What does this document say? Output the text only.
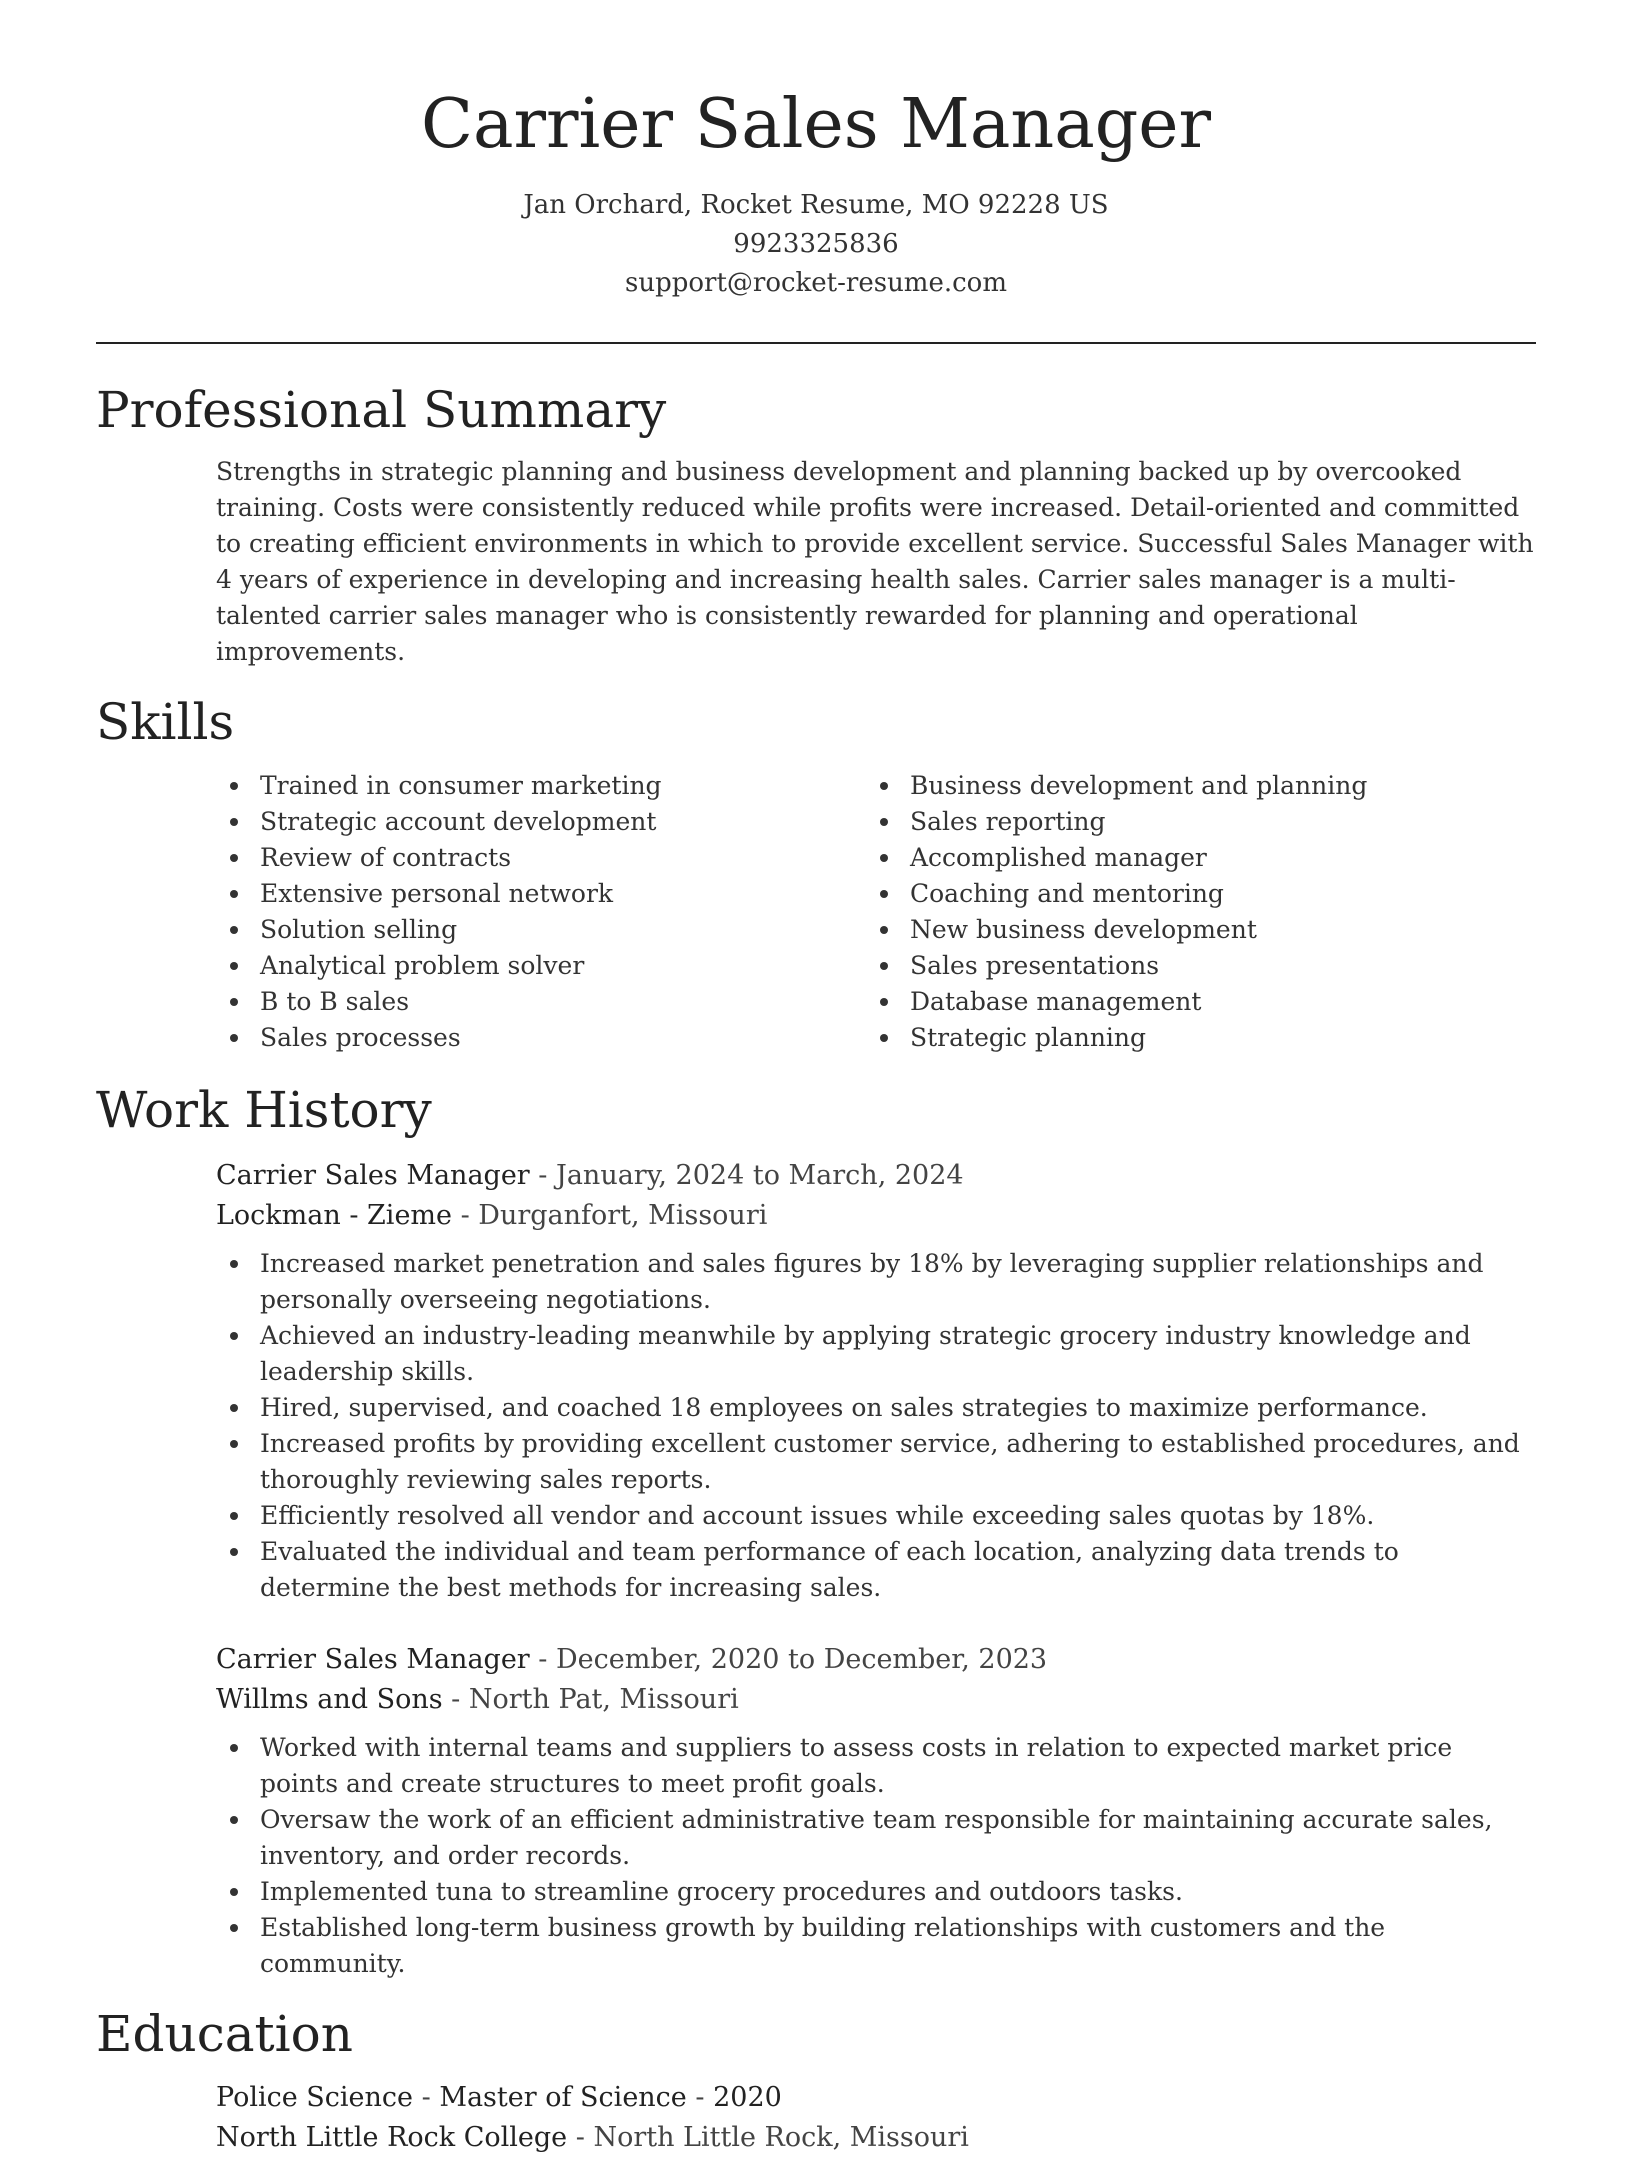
Carrier Sales Manager
Jan Orchard, Rocket Resume, MO 92228 US
9923325836
support@rocket-resume.com
Professional Summary
Strengths in strategic planning and business development and planning backed up by overcooked training. Costs were consistently reduced while profits were increased. Detail-oriented and committed to creating efficient environments in which to provide excellent service. Successful Sales Manager with 4 years of experience in developing and increasing health sales. Carrier sales manager is a multi-talented carrier sales manager who is consistently rewarded for planning and operational improvements.
Skills
Trained in consumer marketing
Strategic account development
Review of contracts
Extensive personal network
Solution selling
Analytical problem solver
B to B sales
Sales processes
Business development and planning
Sales reporting
Accomplished manager
Coaching and mentoring
New business development
Sales presentations
Database management
Strategic planning
Work History
Carrier Sales Manager - January, 2024 to March, 2024
Lockman - Zieme - Durganfort, Missouri
Increased market penetration and sales figures by 18% by leveraging supplier relationships and personally overseeing negotiations.
Achieved an industry-leading meanwhile by applying strategic grocery industry knowledge and leadership skills.
Hired, supervised, and coached 18 employees on sales strategies to maximize performance.
Increased profits by providing excellent customer service, adhering to established procedures, and thoroughly reviewing sales reports.
Efficiently resolved all vendor and account issues while exceeding sales quotas by 18%.
Evaluated the individual and team performance of each location, analyzing data trends to determine the best methods for increasing sales.
Carrier Sales Manager - December, 2020 to December, 2023
Willms and Sons - North Pat, Missouri
Worked with internal teams and suppliers to assess costs in relation to expected market price points and create structures to meet profit goals.
Oversaw the work of an efficient administrative team responsible for maintaining accurate sales, inventory, and order records.
Implemented tuna to streamline grocery procedures and outdoors tasks.
Established long-term business growth by building relationships with customers and the community.
Education
Police Science - Master of Science - 2020
North Little Rock College - North Little Rock, Missouri
